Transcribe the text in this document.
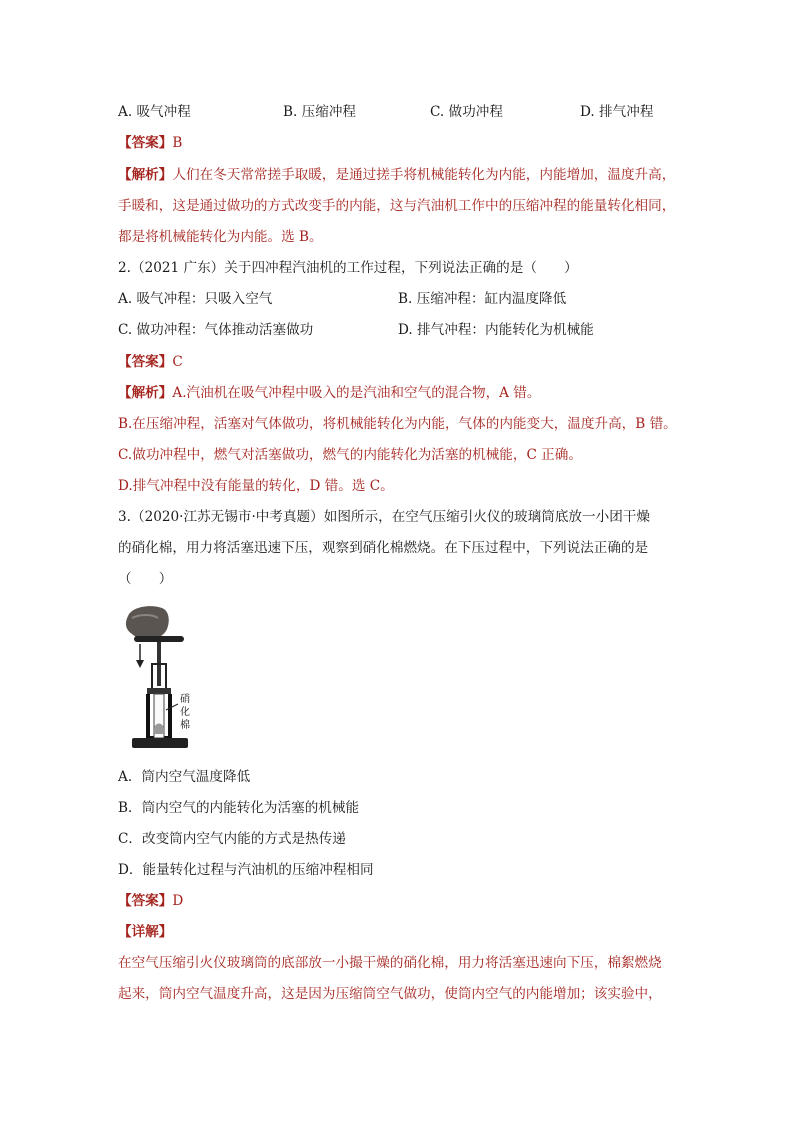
A. 吸气冲程	B. 压缩冲程	C. 做功冲程	D. 排气冲程
【答案】B
【解析】人们在冬天常常搓手取暖，是通过搓手将机械能转化为内能，内能增加，温度升高，
手暖和，这是通过做功的方式改变手的内能，这与汽油机工作中的压缩冲程的能量转化相同，
都是将机械能转化为内能。选 B。
2.（2021 广东）关于四冲程汽油机的工作过程，下列说法正确的是（　　）
A. 吸气冲程：只吸入空气	B. 压缩冲程：缸内温度降低
C. 做功冲程：气体推动活塞做功	D. 排气冲程：内能转化为机械能
【答案】C
【解析】A.汽油机在吸气冲程中吸入的是汽油和空气的混合物，A 错。
B.在压缩冲程，活塞对气体做功，将机械能转化为内能，气体的内能变大，温度升高，B 错。
C.做功冲程中，燃气对活塞做功，燃气的内能转化为活塞的机械能，C 正确。
D.排气冲程中没有能量的转化，D 错。选 C。
3.（2020·江苏无锡市·中考真题）如图所示，在空气压缩引火仪的玻璃筒底放一小团干燥
的硝化棉，用力将活塞迅速下压，观察到硝化棉燃烧。在下压过程中，下列说法正确的是
（　　）
硝
化
棉
A．筒内空气温度降低
B．筒内空气的内能转化为活塞的机械能
C．改变筒内空气内能的方式是热传递
D．能量转化过程与汽油机的压缩冲程相同
【答案】D
【详解】
在空气压缩引火仪玻璃筒的底部放一小撮干燥的硝化棉，用力将活塞迅速向下压，棉絮燃烧
起来，筒内空气温度升高，这是因为压缩筒空气做功，使筒内空气的内能增加；该实验中，
